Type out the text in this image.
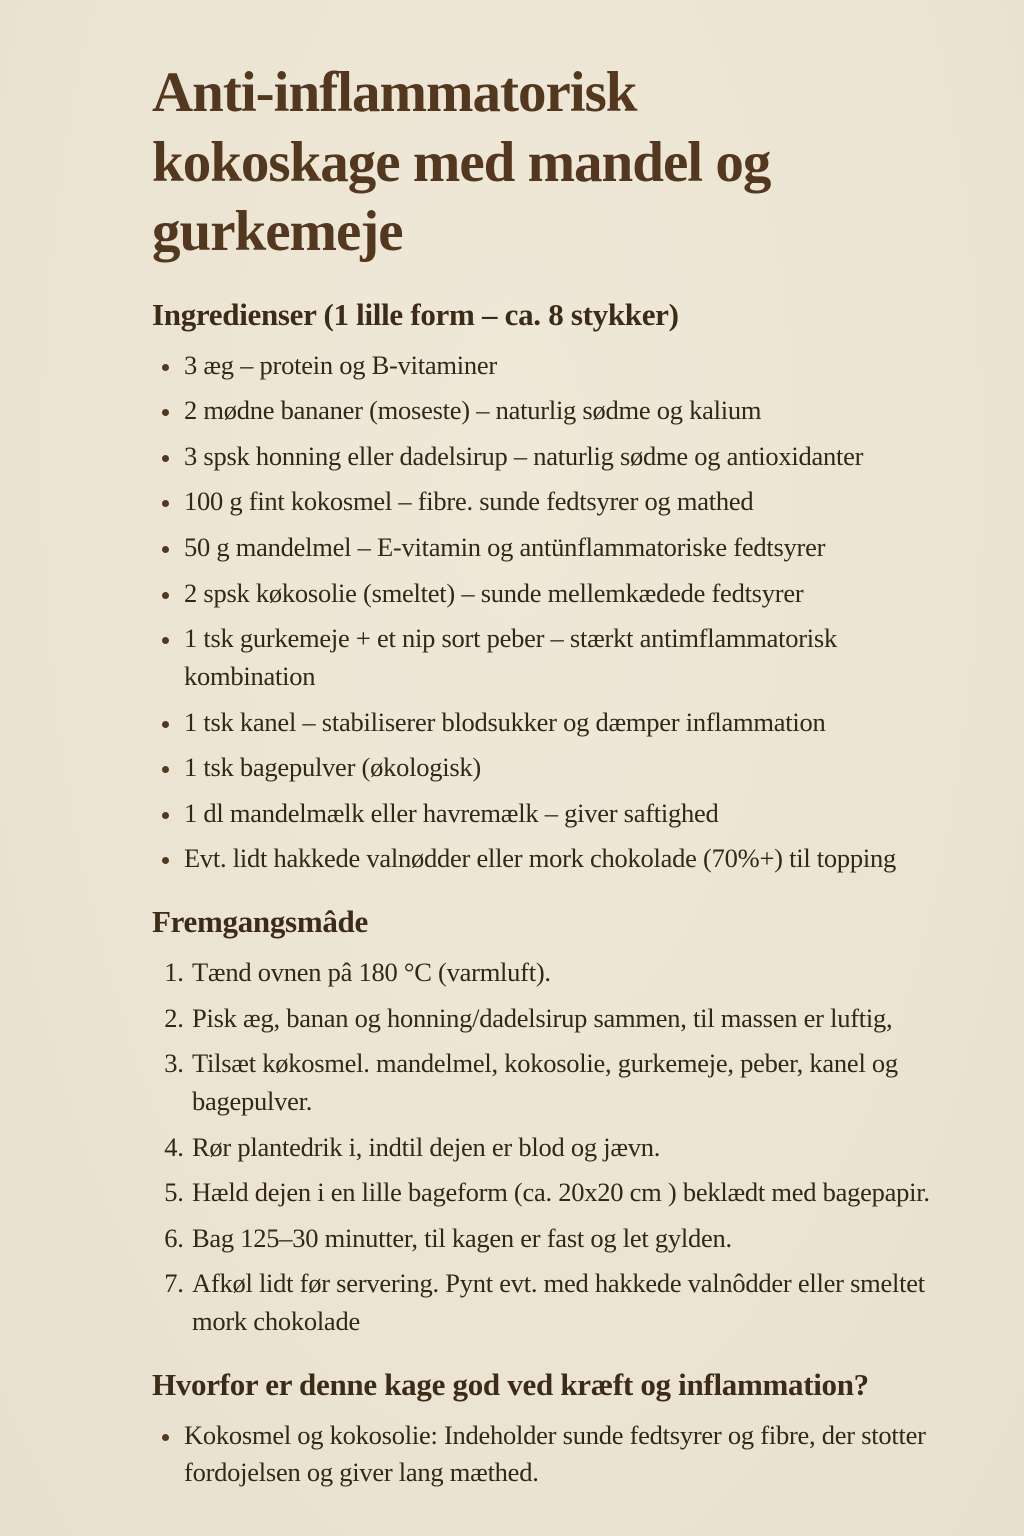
Anti-inflammatorisk kokoskage med mandel og gurkemeje
Ingredienser (1 lille form – ca. 8 stykker)
• 3 æg – protein og B-vitaminer
• 2 mødne bananer (moseste) – naturlig sødme og kalium
• 3 spsk honning eller dadelsirup – naturlig sødme og antioxidanter
• 100 g fint kokosmel – fibre. sunde fedtsyrer og mathed
• 50 g mandelmel – E-vitamin og antünflammatoriske fedtsyrer
• 2 spsk køkosolie (smeltet) – sunde mellemkædede fedtsyrer
• 1 tsk gurkemeje + et nip sort peber – stærkt antimflammatorisk kombination
• 1 tsk kanel – stabiliserer blodsukker og dæmper inflammation
• 1 tsk bagepulver (økologisk)
• 1 dl mandelmælk eller havremælk – giver saftighed
• Evt. lidt hakkede valnødder eller mork chokolade (70%+) til topping
Fremgangsmâde
1. Tænd ovnen pâ 180 °C (varmluft).
2. Pisk æg, banan og honning/dadelsirup sammen, til massen er luftig,
3. Tilsæt køkosmel. mandelmel, kokosolie, gurkemeje, peber, kanel og bagepulver.
4. Rør plantedrik i, indtil dejen er blod og jævn.
5. Hæld dejen i en lille bageform (ca. 20x20 cm ) beklædt med bagepapir.
6. Bag 125–30 minutter, til kagen er fast og let gylden.
7. Afkøl lidt før servering. Pynt evt. med hakkede valnôdder eller smeltet mork chokolade
Hvorfor er denne kage god ved kræft og inflammation?
• Kokosmel og kokosolie: Indeholder sunde fedtsyrer og fibre, der stotter fordojelsen og giver lang mæthed.
